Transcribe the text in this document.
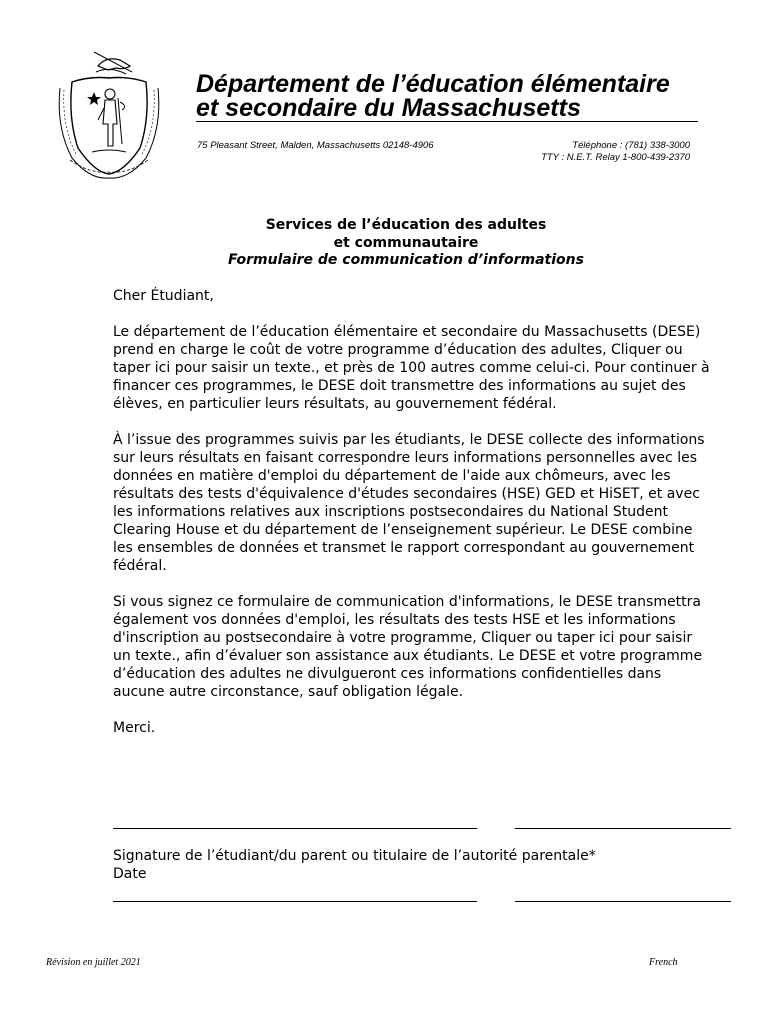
Département de l’éducation élémentaire
et secondaire du Massachusetts
75 Pleasant Street, Malden, Massachusetts 02148-4906	Téléphone : (781) 338-3000
TTY : N.E.T. Relay 1-800-439-2370
Services de l’éducation des adultes
et communautaire
Formulaire de communication d’informations

Cher Étudiant,

Le département de l’éducation élémentaire et secondaire du Massachusetts (DESE) prend en charge le coût de votre programme d’éducation des adultes, Cliquer ou taper ici pour saisir un texte., et près de 100 autres comme celui-ci. Pour continuer à financer ces programmes, le DESE doit transmettre des informations au sujet des élèves, en particulier leurs résultats, au gouvernement fédéral.

À l’issue des programmes suivis par les étudiants, le DESE collecte des informations sur leurs résultats en faisant correspondre leurs informations personnelles avec les données en matière d'emploi du département de l'aide aux chômeurs, avec les résultats des tests d'équivalence d'études secondaires (HSE) GED et HiSET, et avec les informations relatives aux inscriptions postsecondaires du National Student Clearing House et du département de l’enseignement supérieur. Le DESE combine les ensembles de données et transmet le rapport correspondant au gouvernement fédéral.

Si vous signez ce formulaire de communication d'informations, le DESE transmettra également vos données d'emploi, les résultats des tests HSE et les informations d'inscription au postsecondaire à votre programme, Cliquer ou taper ici pour saisir un texte., afin d’évaluer son assistance aux étudiants. Le DESE et votre programme d’éducation des adultes ne divulgueront ces informations confidentielles dans aucune autre circonstance, sauf obligation légale.

Merci.

Signature de l’étudiant/du parent ou titulaire de l’autorité parentale*
Date
Révision en juillet 2021	French
